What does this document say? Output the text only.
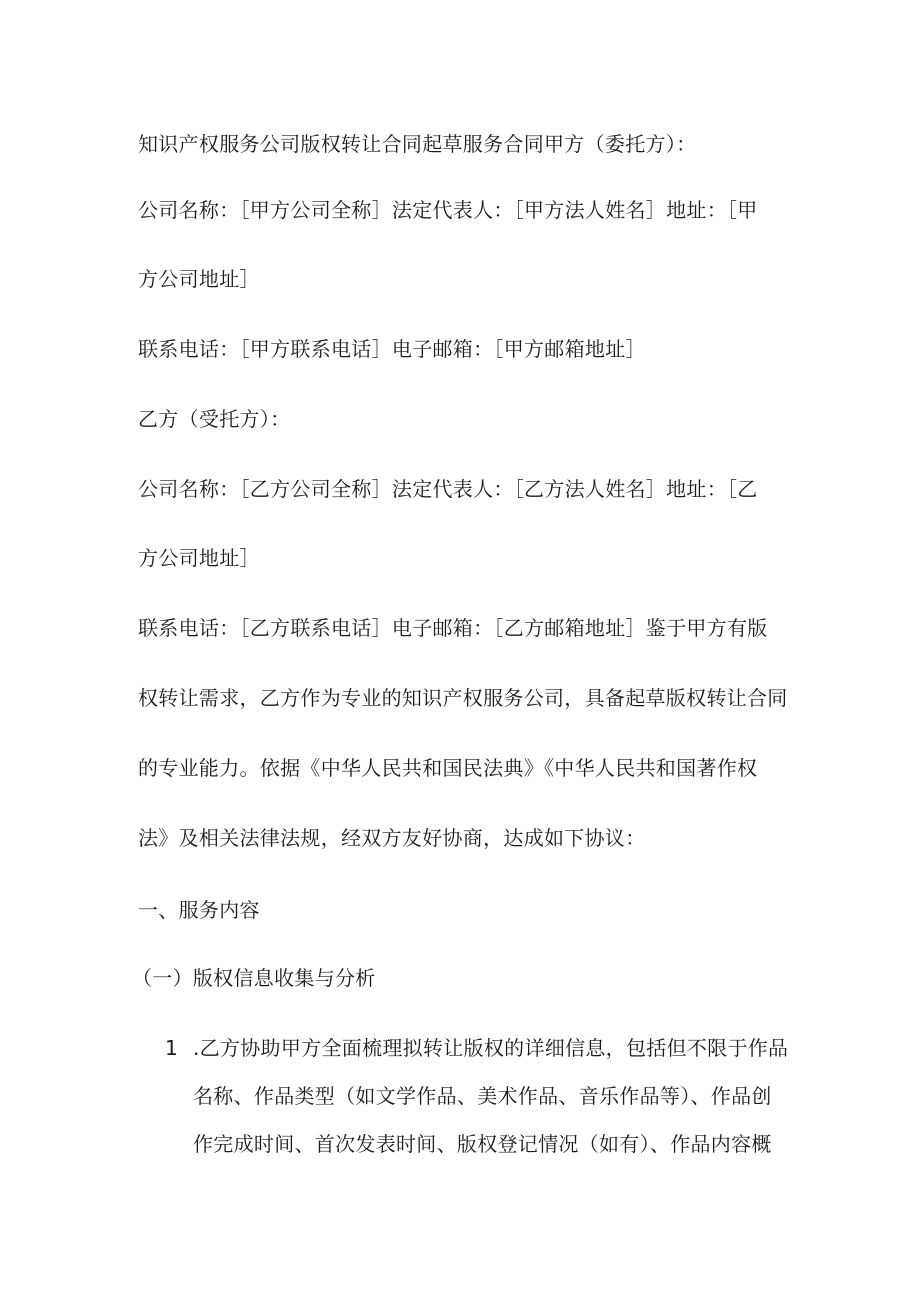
知识产权服务公司版权转让合同起草服务合同甲方（委托方）：
公司名称：［甲方公司全称］法定代表人：［甲方法人姓名］地址：［甲
方公司地址］
联系电话：［甲方联系电话］电子邮箱：［甲方邮箱地址］
乙方（受托方）：
公司名称：［乙方公司全称］法定代表人：［乙方法人姓名］地址：［乙
方公司地址］
联系电话：［乙方联系电话］电子邮箱：［乙方邮箱地址］鉴于甲方有版
权转让需求，乙方作为专业的知识产权服务公司，具备起草版权转让合同
的专业能力。依据《中华人民共和国民法典》《中华人民共和国著作权
法》及相关法律法规，经双方友好协商，达成如下协议：
一、服务内容
（一）版权信息收集与分析
1 .乙方协助甲方全面梳理拟转让版权的详细信息，包括但不限于作品
名称、作品类型（如文学作品、美术作品、音乐作品等）、作品创
作完成时间、首次发表时间、版权登记情况（如有）、作品内容概
